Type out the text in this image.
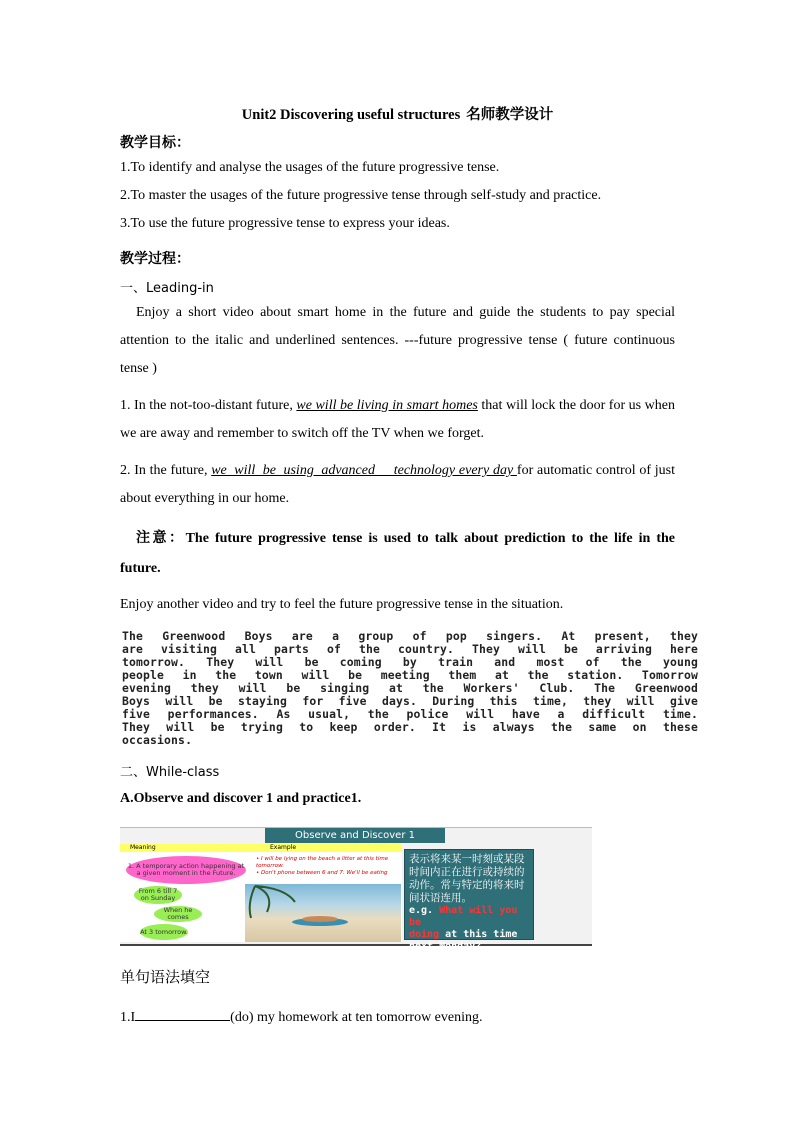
Unit2 Discovering useful structures 名师教学设计
教学目标：
1.To identify and analyse the usages of the future progressive tense.
2.To master the usages of the future progressive tense through self-study and practice.
3.To use the future progressive tense to express your ideas.
教学过程：
一、Leading-in
Enjoy a short video about smart home in the future and guide the students to pay special attention to the italic and underlined sentences. ---future progressive tense ( future continuous tense )
1. In the not-too-distant future, we will be living in smart homes that will lock the door for us when we are away and remember to switch off the TV when we forget.
2. In the future, we  will  be  using  advanced     technology every day for automatic control of just about everything in our home.
注意：The future progressive tense is used to talk about prediction to the life in the future.
Enjoy another video and try to feel the future progressive tense in the situation.
二、While-class
A.Observe and discover 1 and practice1.
单句语法填空
1.I	(do) my homework at ten tomorrow evening.
The Greenwood Boys are a group of pop singers. At present, they
are visiting all parts of the country. They will be arriving here
tomorrow. They will be coming by train and most of the young
people in the town will be meeting them at the station. Tomorrow
evening they will be singing at the Workers' Club. The Greenwood
Boys will be staying for five days. During this time, they will give
five performances. As usual, the police will have a difficult time.
They will be trying to keep order. It is always the same on these
occasions.
Observe and Discover 1
Meaning	Example
1. A temporary action happening at a given moment in the Future.
From 6 till 7 on Sunday
When he comes
At 3 tomorrow.
• I will be lying on the beach a litter at this time tomorrow.
• Don't phone between 6 and 7. We'll be eating
表示将来某一时刻或某段时间内正在进行或持续的动作。常与特定的将来时间状语连用。
e.g. What will you be
doing at this time next Monday?
